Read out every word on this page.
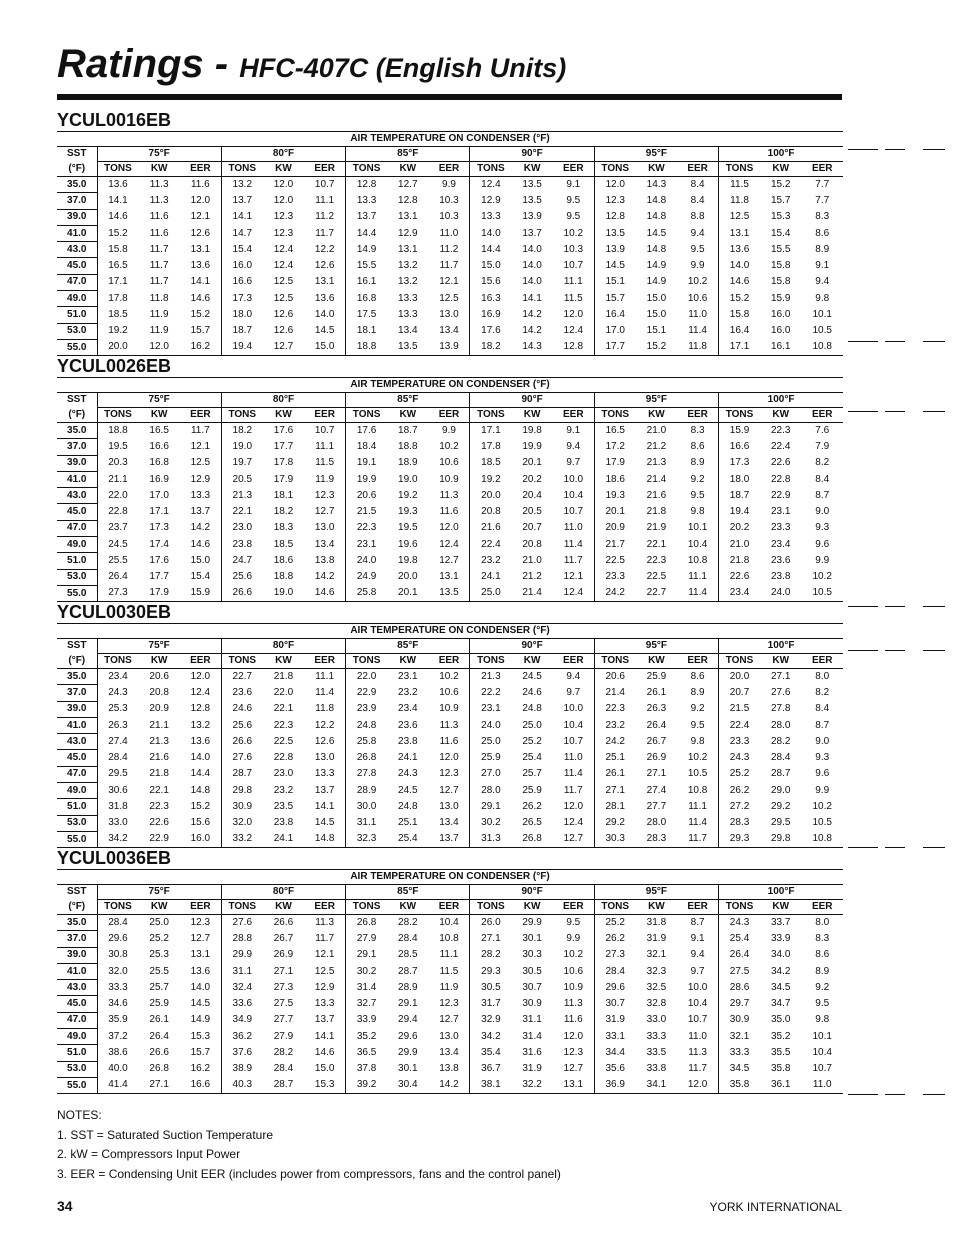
Ratings - HFC-407C (English Units)
YCUL0016EB
AIR TEMPERATURE ON CONDENSER (°F)																		
SST	75°F			80°F			85°F			90°F			95°F			100°F		
(°F)	TONS	KW	EER	TONS	KW	EER	TONS	KW	EER	TONS	KW	EER	TONS	KW	EER	TONS	KW	EER
35.0	13.6	11.3	11.6	13.2	12.0	10.7	12.8	12.7	9.9	12.4	13.5	9.1	12.0	14.3	8.4	11.5	15.2	7.7
37.0	14.1	11.3	12.0	13.7	12.0	11.1	13.3	12.8	10.3	12.9	13.5	9.5	12.3	14.8	8.4	11.8	15.7	7.7
39.0	14.6	11.6	12.1	14.1	12.3	11.2	13.7	13.1	10.3	13.3	13.9	9.5	12.8	14.8	8.8	12.5	15.3	8.3
41.0	15.2	11.6	12.6	14.7	12.3	11.7	14.4	12.9	11.0	14.0	13.7	10.2	13.5	14.5	9.4	13.1	15.4	8.6
43.0	15.8	11.7	13.1	15.4	12.4	12.2	14.9	13.1	11.2	14.4	14.0	10.3	13.9	14.8	9.5	13.6	15.5	8.9
45.0	16.5	11.7	13.6	16.0	12.4	12.6	15.5	13.2	11.7	15.0	14.0	10.7	14.5	14.9	9.9	14.0	15.8	9.1
47.0	17.1	11.7	14.1	16.6	12.5	13.1	16.1	13.2	12.1	15.6	14.0	11.1	15.1	14.9	10.2	14.6	15.8	9.4
49.0	17.8	11.8	14.6	17.3	12.5	13.6	16.8	13.3	12.5	16.3	14.1	11.5	15.7	15.0	10.6	15.2	15.9	9.8
51.0	18.5	11.9	15.2	18.0	12.6	14.0	17.5	13.3	13.0	16.9	14.2	12.0	16.4	15.0	11.0	15.8	16.0	10.1
53.0	19.2	11.9	15.7	18.7	12.6	14.5	18.1	13.4	13.4	17.6	14.2	12.4	17.0	15.1	11.4	16.4	16.0	10.5
55.0	20.0	12.0	16.2	19.4	12.7	15.0	18.8	13.5	13.9	18.2	14.3	12.8	17.7	15.2	11.8	17.1	16.1	10.8
YCUL0026EB
AIR TEMPERATURE ON CONDENSER (°F)																		
SST	75°F			80°F			85°F			90°F			95°F			100°F		
(°F)	TONS	KW	EER	TONS	KW	EER	TONS	KW	EER	TONS	KW	EER	TONS	KW	EER	TONS	KW	EER
35.0	18.8	16.5	11.7	18.2	17.6	10.7	17.6	18.7	9.9	17.1	19.8	9.1	16.5	21.0	8.3	15.9	22.3	7.6
37.0	19.5	16.6	12.1	19.0	17.7	11.1	18.4	18.8	10.2	17.8	19.9	9.4	17.2	21.2	8.6	16.6	22.4	7.9
39.0	20.3	16.8	12.5	19.7	17.8	11.5	19.1	18.9	10.6	18.5	20.1	9.7	17.9	21.3	8.9	17.3	22.6	8.2
41.0	21.1	16.9	12.9	20.5	17.9	11.9	19.9	19.0	10.9	19.2	20.2	10.0	18.6	21.4	9.2	18.0	22.8	8.4
43.0	22.0	17.0	13.3	21.3	18.1	12.3	20.6	19.2	11.3	20.0	20.4	10.4	19.3	21.6	9.5	18.7	22.9	8.7
45.0	22.8	17.1	13.7	22.1	18.2	12.7	21.5	19.3	11.6	20.8	20.5	10.7	20.1	21.8	9.8	19.4	23.1	9.0
47.0	23.7	17.3	14.2	23.0	18.3	13.0	22.3	19.5	12.0	21.6	20.7	11.0	20.9	21.9	10.1	20.2	23.3	9.3
49.0	24.5	17.4	14.6	23.8	18.5	13.4	23.1	19.6	12.4	22.4	20.8	11.4	21.7	22.1	10.4	21.0	23.4	9.6
51.0	25.5	17.6	15.0	24.7	18.6	13.8	24.0	19.8	12.7	23.2	21.0	11.7	22.5	22.3	10.8	21.8	23.6	9.9
53.0	26.4	17.7	15.4	25.6	18.8	14.2	24.9	20.0	13.1	24.1	21.2	12.1	23.3	22.5	11.1	22.6	23.8	10.2
55.0	27.3	17.9	15.9	26.6	19.0	14.6	25.8	20.1	13.5	25.0	21.4	12.4	24.2	22.7	11.4	23.4	24.0	10.5
YCUL0030EB
AIR TEMPERATURE ON CONDENSER (°F)																		
SST	75°F			80°F			85°F			90°F			95°F			100°F		
(°F)	TONS	KW	EER	TONS	KW	EER	TONS	KW	EER	TONS	KW	EER	TONS	KW	EER	TONS	KW	EER
35.0	23.4	20.6	12.0	22.7	21.8	11.1	22.0	23.1	10.2	21.3	24.5	9.4	20.6	25.9	8.6	20.0	27.1	8.0
37.0	24.3	20.8	12.4	23.6	22.0	11.4	22.9	23.2	10.6	22.2	24.6	9.7	21.4	26.1	8.9	20.7	27.6	8.2
39.0	25.3	20.9	12.8	24.6	22.1	11.8	23.9	23.4	10.9	23.1	24.8	10.0	22.3	26.3	9.2	21.5	27.8	8.4
41.0	26.3	21.1	13.2	25.6	22.3	12.2	24.8	23.6	11.3	24.0	25.0	10.4	23.2	26.4	9.5	22.4	28.0	8.7
43.0	27.4	21.3	13.6	26.6	22.5	12.6	25.8	23.8	11.6	25.0	25.2	10.7	24.2	26.7	9.8	23.3	28.2	9.0
45.0	28.4	21.6	14.0	27.6	22.8	13.0	26.8	24.1	12.0	25.9	25.4	11.0	25.1	26.9	10.2	24.3	28.4	9.3
47.0	29.5	21.8	14.4	28.7	23.0	13.3	27.8	24.3	12.3	27.0	25.7	11.4	26.1	27.1	10.5	25.2	28.7	9.6
49.0	30.6	22.1	14.8	29.8	23.2	13.7	28.9	24.5	12.7	28.0	25.9	11.7	27.1	27.4	10.8	26.2	29.0	9.9
51.0	31.8	22.3	15.2	30.9	23.5	14.1	30.0	24.8	13.0	29.1	26.2	12.0	28.1	27.7	11.1	27.2	29.2	10.2
53.0	33.0	22.6	15.6	32.0	23.8	14.5	31.1	25.1	13.4	30.2	26.5	12.4	29.2	28.0	11.4	28.3	29.5	10.5
55.0	34.2	22.9	16.0	33.2	24.1	14.8	32.3	25.4	13.7	31.3	26.8	12.7	30.3	28.3	11.7	29.3	29.8	10.8
YCUL0036EB
AIR TEMPERATURE ON CONDENSER (°F)																		
SST	75°F			80°F			85°F			90°F			95°F			100°F		
(°F)	TONS	KW	EER	TONS	KW	EER	TONS	KW	EER	TONS	KW	EER	TONS	KW	EER	TONS	KW	EER
35.0	28.4	25.0	12.3	27.6	26.6	11.3	26.8	28.2	10.4	26.0	29.9	9.5	25.2	31.8	8.7	24.3	33.7	8.0
37.0	29.6	25.2	12.7	28.8	26.7	11.7	27.9	28.4	10.8	27.1	30.1	9.9	26.2	31.9	9.1	25.4	33.9	8.3
39.0	30.8	25.3	13.1	29.9	26.9	12.1	29.1	28.5	11.1	28.2	30.3	10.2	27.3	32.1	9.4	26.4	34.0	8.6
41.0	32.0	25.5	13.6	31.1	27.1	12.5	30.2	28.7	11.5	29.3	30.5	10.6	28.4	32.3	9.7	27.5	34.2	8.9
43.0	33.3	25.7	14.0	32.4	27.3	12.9	31.4	28.9	11.9	30.5	30.7	10.9	29.6	32.5	10.0	28.6	34.5	9.2
45.0	34.6	25.9	14.5	33.6	27.5	13.3	32.7	29.1	12.3	31.7	30.9	11.3	30.7	32.8	10.4	29.7	34.7	9.5
47.0	35.9	26.1	14.9	34.9	27.7	13.7	33.9	29.4	12.7	32.9	31.1	11.6	31.9	33.0	10.7	30.9	35.0	9.8
49.0	37.2	26.4	15.3	36.2	27.9	14.1	35.2	29.6	13.0	34.2	31.4	12.0	33.1	33.3	11.0	32.1	35.2	10.1
51.0	38.6	26.6	15.7	37.6	28.2	14.6	36.5	29.9	13.4	35.4	31.6	12.3	34.4	33.5	11.3	33.3	35.5	10.4
53.0	40.0	26.8	16.2	38.9	28.4	15.0	37.8	30.1	13.8	36.7	31.9	12.7	35.6	33.8	11.7	34.5	35.8	10.7
55.0	41.4	27.1	16.6	40.3	28.7	15.3	39.2	30.4	14.2	38.1	32.2	13.1	36.9	34.1	12.0	35.8	36.1	11.0
NOTES:
1. SST = Saturated Suction Temperature
2. kW = Compressors Input Power
3. EER = Condensing Unit EER (includes power from compressors, fans and the control panel)
34	YORK INTERNATIONAL
